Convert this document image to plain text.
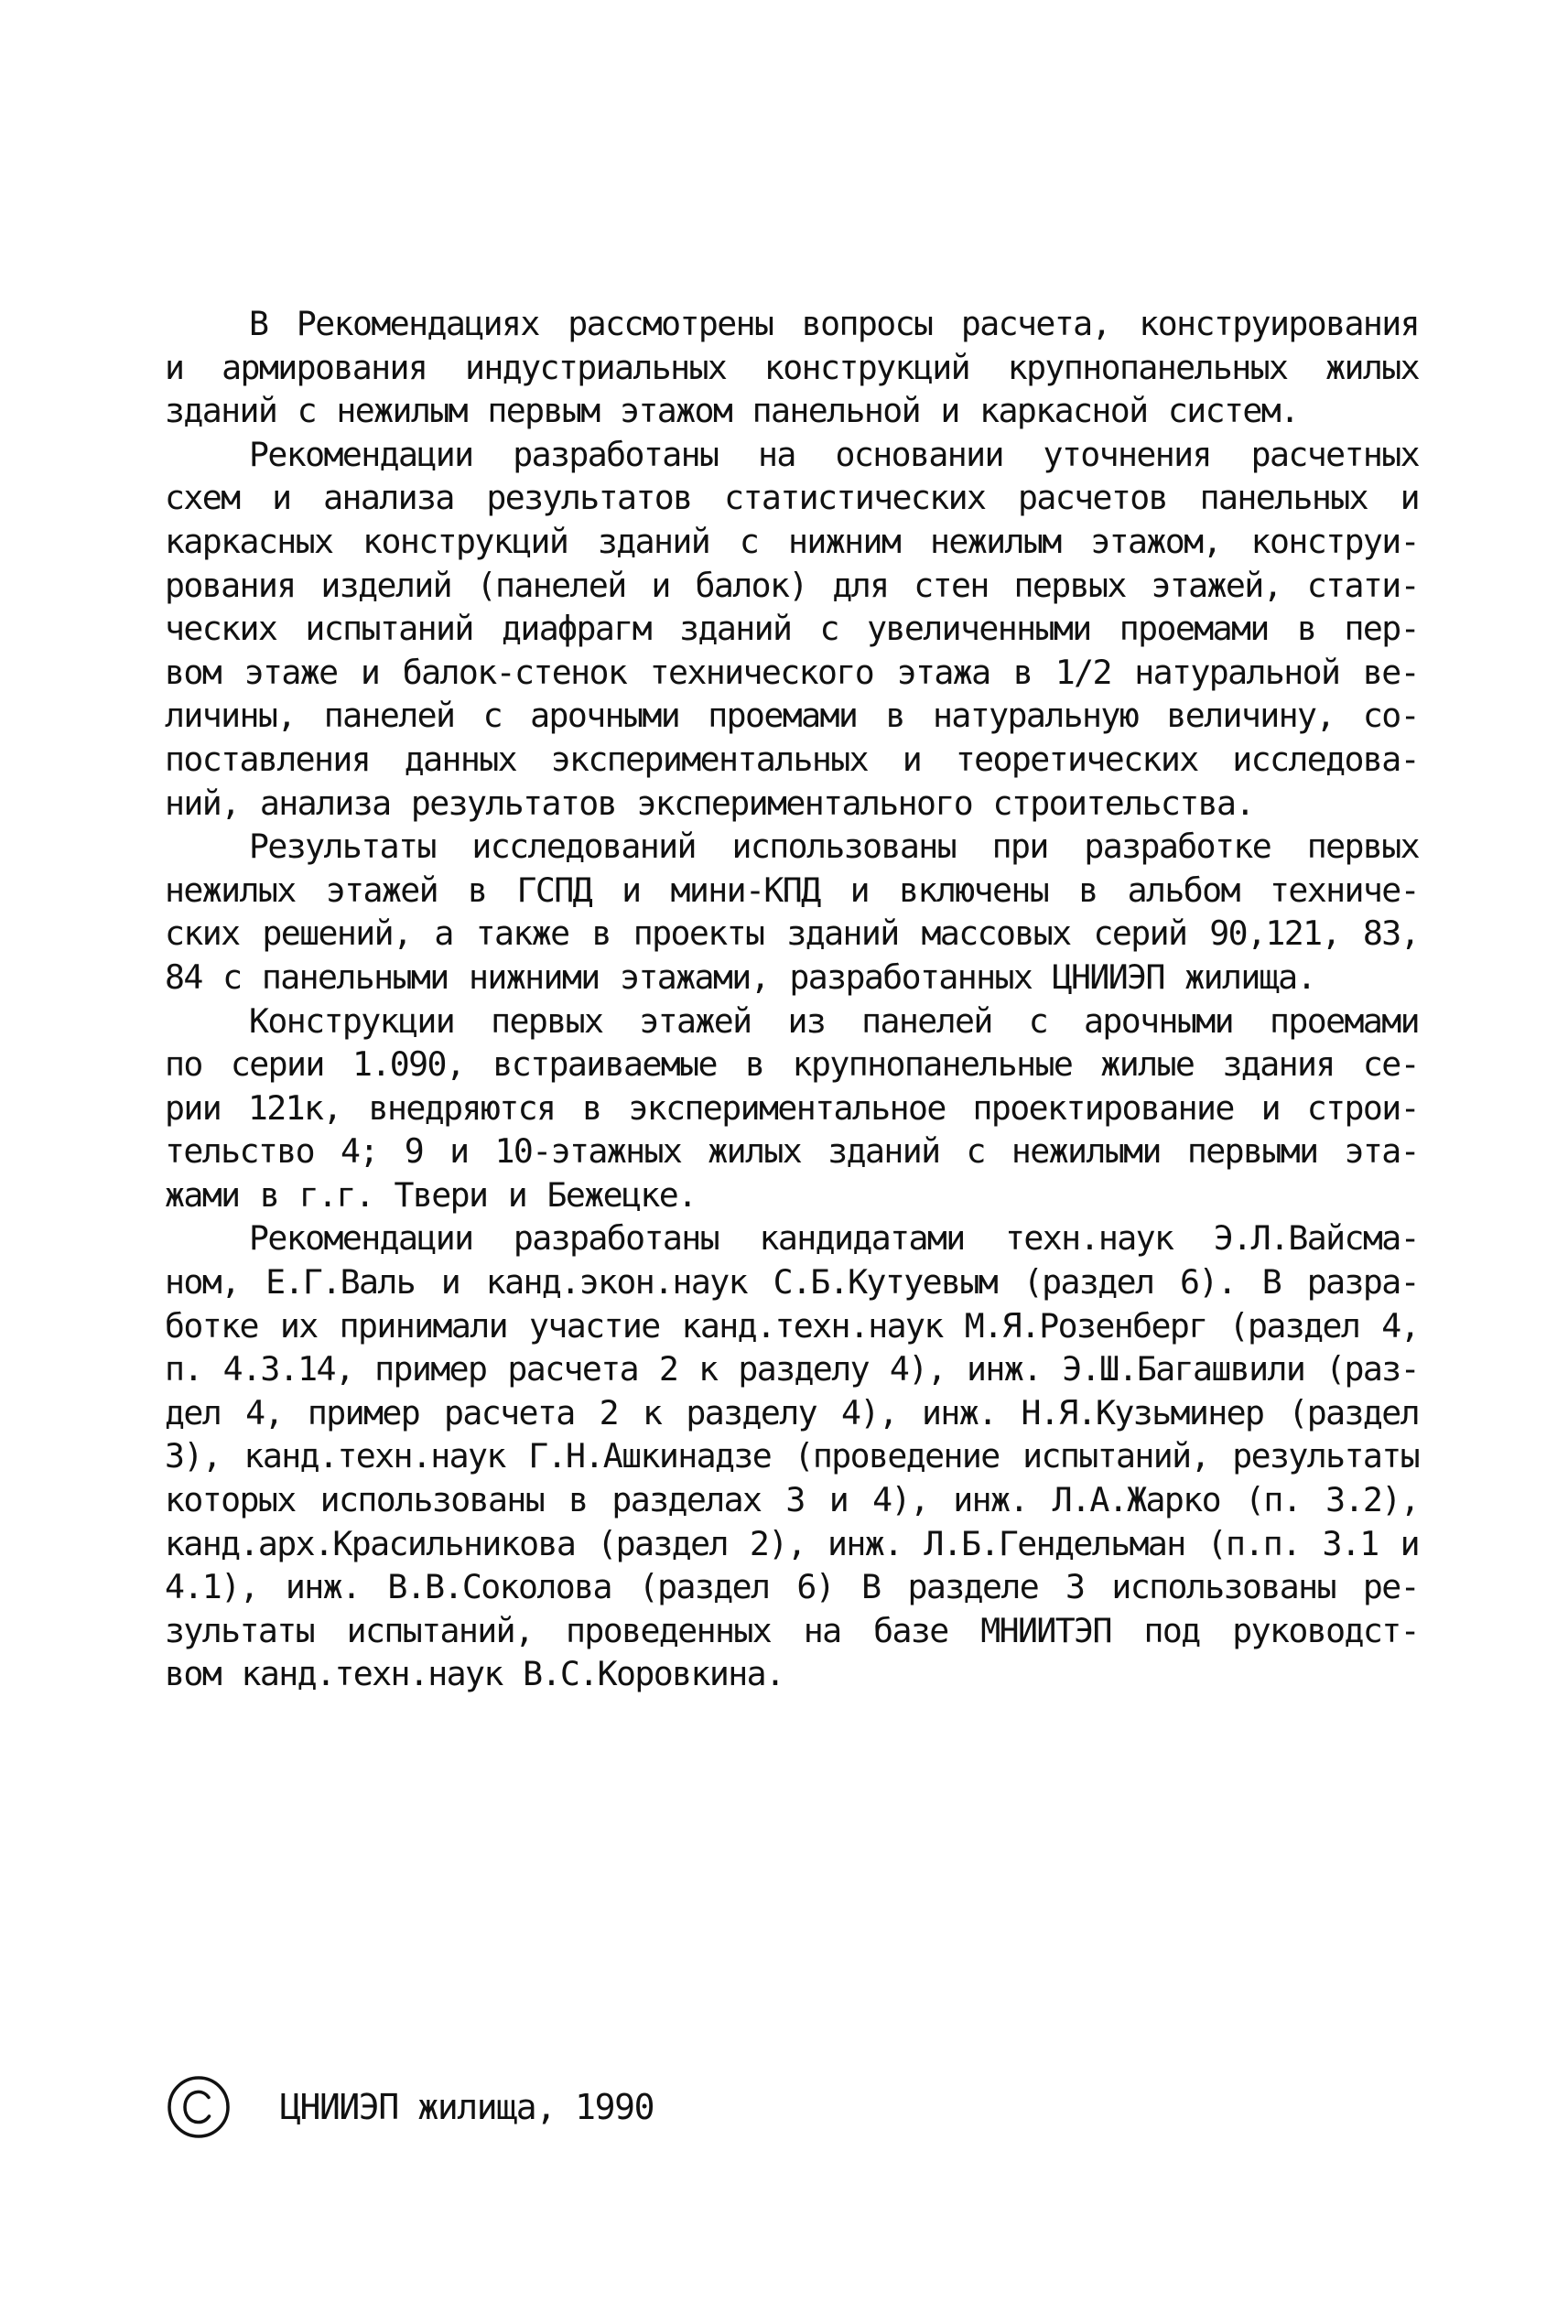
В Рекомендациях рассмотрены вопросы расчета, конструирования
и армирования индустриальных конструкций крупнопанельных жилых
зданий с нежилым первым этажом панельной и каркасной систем.
Рекомендации разработаны на основании уточнения расчетных
схем и анализа результатов статистических расчетов панельных и
каркасных конструкций зданий с нижним нежилым этажом, конструи-
рования изделий (панелей и балок) для стен первых этажей, стати-
ческих испытаний диафрагм зданий с увеличенными проемами в пер-
вом этаже и балок-стенок технического этажа в 1/2 натуральной ве-
личины, панелей с арочными проемами в натуральную величину, со-
поставления данных экспериментальных и теоретических исследова-
ний, анализа результатов экспериментального строительства.
Результаты исследований использованы при разработке первых
нежилых этажей в ГСПД и мини-КПД и включены в альбом техниче-
ских решений, а также в проекты зданий массовых серий 90,121, 83,
84 с панельными нижними этажами, разработанных ЦНИИЭП жилища.
Конструкции первых этажей из панелей с арочными проемами
по серии 1.090, встраиваемые в крупнопанельные жилые здания се-
рии 121к, внедряются в экспериментальное проектирование и строи-
тельство 4; 9 и 10-этажных жилых зданий с нежилыми первыми эта-
жами в г.г. Твери и Бежецке.
Рекомендации разработаны кандидатами техн.наук Э.Л.Вайсма-
ном, Е.Г.Валь и канд.экон.наук С.Б.Кутуевым (раздел 6). В разра-
ботке их принимали участие канд.техн.наук М.Я.Розенберг (раздел 4,
п. 4.3.14, пример расчета 2 к разделу 4), инж. Э.Ш.Багашвили (раз-
дел 4, пример расчета 2 к разделу 4), инж. Н.Я.Кузьминер (раздел
3), канд.техн.наук Г.Н.Ашкинадзе (проведение испытаний, результаты
которых использованы в разделах 3 и 4), инж. Л.А.Жарко (п. 3.2),
канд.арх.Красильникова (раздел 2), инж. Л.Б.Гендельман (п.п. 3.1 и
4.1), инж. В.В.Соколова (раздел 6) В разделе 3 использованы ре-
зультаты испытаний, проведенных на базе МНИИТЭП под руководст-
вом канд.техн.наук В.С.Коровкина.
ЦНИИЭП жилища, 1990
